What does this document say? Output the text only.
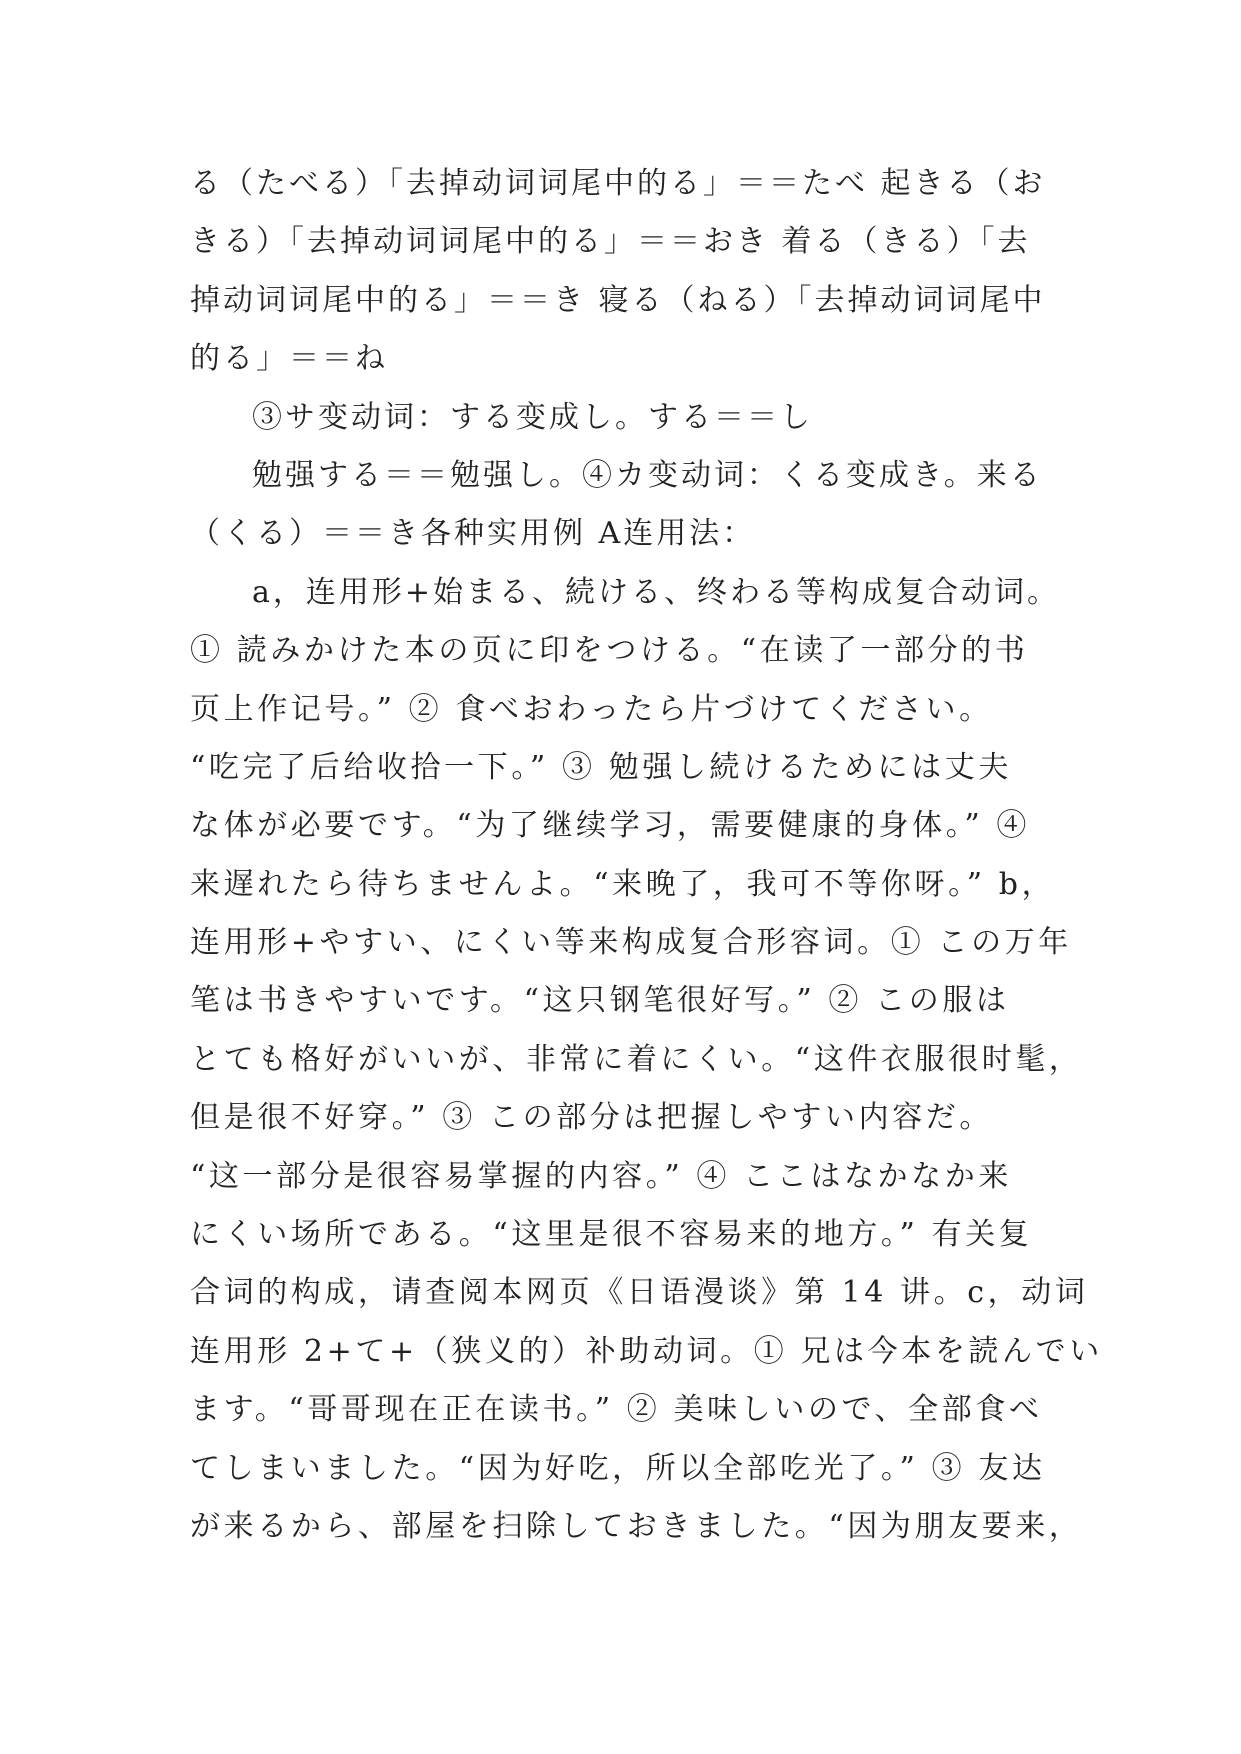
る（たべる）「去掉动词词尾中的る」＝＝たべ 起きる（お
きる）「去掉动词词尾中的る」＝＝おき 着る（きる）「去
掉动词词尾中的る」＝＝き 寝る（ねる）「去掉动词词尾中
的る」＝＝ね
③サ变动词：する变成し。する＝＝し
勉强する＝＝勉强し。④カ变动词：くる变成き。来る
（くる）＝＝き各种实用例 A连用法：
a，连用形+始まる、続ける、终わる等构成复合动词。
① 読みかけた本の页に印をつける。“在读了一部分的书
页上作记号。” ② 食べおわったら片づけてください。
“吃完了后给收拾一下。” ③ 勉强し続けるためには丈夫
な体が必要です。“为了继续学习，需要健康的身体。” ④
来遅れたら待ちませんよ。“来晚了，我可不等你呀。” b，
连用形+やすい、にくい等来构成复合形容词。① この万年
笔は书きやすいです。“这只钢笔很好写。” ② この服は
とても格好がいいが、非常に着にくい。“这件衣服很时髦，
但是很不好穿。” ③ この部分は把握しやすい内容だ。
“这一部分是很容易掌握的内容。” ④ ここはなかなか来
にくい场所である。“这里是很不容易来的地方。” 有关复
合词的构成，请查阅本网页《日语漫谈》第 14 讲。c，动词
连用形 2+て+（狭义的）补助动词。① 兄は今本を読んでい
ます。“哥哥现在正在读书。” ② 美味しいので、全部食べ
てしまいました。“因为好吃，所以全部吃光了。” ③ 友达
が来るから、部屋を扫除しておきました。“因为朋友要来，
